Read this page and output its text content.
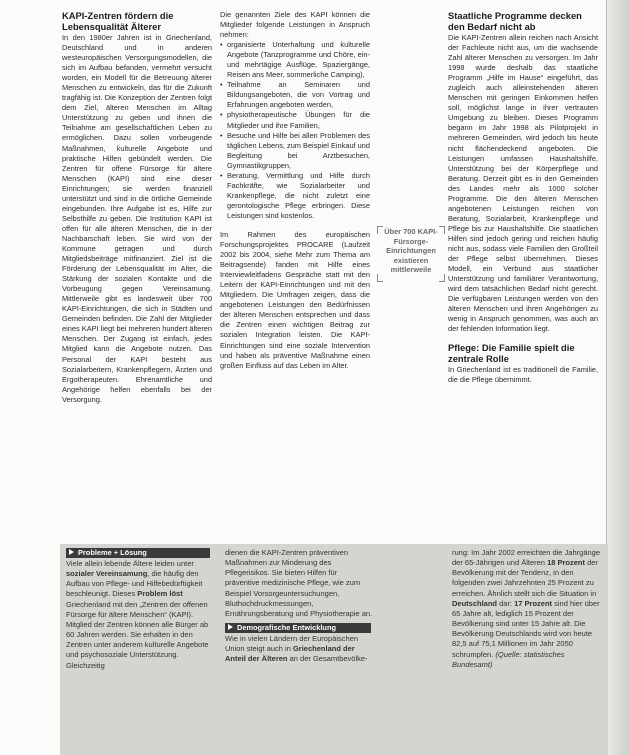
KAPI-Zentren fördern die Lebensqualität Älterer

In den 1980er Jahren ist in Griechenland, Deutschland und in anderen westeuropäischen Versorgungsmodellen, die sich im Aufbau befanden, vermehrt versucht worden, ein Modell für die Betreuung älterer Menschen zu entwickeln, das für die Zukunft tragfähig ist. Die Konzeption der Zentren folgt dem Ziel, älteren Menschen im Alltag Unterstützung zu geben und ihnen die Teilnahme am gesellschaftlichen Leben zu ermöglichen. Dazu sollen vorbeugende Maßnahmen, kulturelle Angebote und praktische Hilfen gebündelt werden. Die Zentren für offene Fürsorge für ältere Menschen (KAPI) sind eine dieser Einrichtungen; sie werden finanziell unterstützt und sind in die örtliche Gemeinde eingebunden. Ihre Aufgabe ist es, Hilfe zur Selbsthilfe zu geben. Die Institution KAPI ist offen für alle älteren Menschen, die in der Nachbarschaft leben. Sie wird von der Kommune getragen und durch Mitgliedsbeiträge mitfinanziert. Ziel ist die Förderung der Lebensqualität im Alter, die Stärkung der sozialen Kontakte und die Vorbeugung gegen Vereinsamung. Mittlerweile gibt es landesweit über 700 KAPI-Einrichtungen, die sich in Städten und Gemeinden befinden. Die Zahl der Mitglieder eines KAPI liegt bei mehreren hundert älteren Menschen. Der Zugang ist einfach, jedes Mitglied kann die Angebote nutzen. Das Personal der KAPI besteht aus Sozialarbeitern, Krankenpflegern, Ärzten und Ergotherapeuten. Ehrenamtliche und Angehörige helfen ebenfalls bei der Versorgung.

Die genannten Ziele des KAPI können die Mitglieder folgende Leistungen in Anspruch nehmen:

• organisierte Unterhaltung und kulturelle Angebote (Tanzprogramme und Chöre, ein- und mehrtägige Ausflüge, Spaziergänge, Reisen ans Meer, sommerliche Camping),
• Teilnahme an Seminaren und Bildungsangeboten, die von Vortrag und Erfahrungen angeboten werden,
• physiotherapeutische Übungen für die Mitglieder und ihre Familien,
• Besuche und Hilfe bei allen Problemen des täglichen Lebens, zum Beispiel Einkauf und Begleitung bei Arztbesuchen, Gymnastikgruppen,
• Beratung, Vermittlung und Hilfe durch Fachkräfte, wie Sozialarbeiter und Krankenpflege, die nicht zuletzt eine gerontologische Pflege erbringen. Diese Leistungen sind kostenlos.

Im Rahmen des europäischen Forschungsprojektes PROCARE (Laufzeit 2002 bis 2004, siehe Mehr zum Thema am Beitragsende) fanden mit Hilfe eines Interviewleitfadens Gespräche statt mit den Leitern der KAPI-Einrichtungen und mit den Mitgliedern. Die Umfragen zeigen, dass die angebotenen Leistungen den Bedürfnissen der älteren Menschen entsprechen und dass die Zentren einen wichtigen Beitrag zur sozialen Integration leisten. Die KAPI-Einrichtungen sind eine soziale Intervention und haben als präventive Maßnahme einen großen Einfluss auf das Leben im Alter.

Über 700 KAPI-Fürsorge-Einrichtungen existieren mittlerweile
Staatliche Programme decken den Bedarf nicht ab

Die KAPI-Zentren allein reichen nach Ansicht der Fachleute nicht aus, um die wachsende Zahl älterer Menschen zu versorgen. Im Jahr 1998 wurde deshalb das staatliche Programm „Hilfe im Hause“ eingeführt, das zugleich auch alleinstehenden älteren Menschen mit geringen Einkommen helfen soll, möglichst lange in ihrer vertrauten Umgebung zu bleiben. Dieses Programm begann im Jahr 1998 als Pilotprojekt in mehreren Gemeinden, wird jedoch bis heute nicht flächendeckend angeboten. Die Leistungen umfassen Haushaltshilfe, Unterstützung bei der Körperpflege und Beratung. Derzeit gibt es in den Gemeinden des Landes mehr als 1000 solcher Programme. Die den älteren Menschen angebotenen Leistungen reichen von Beratung, Sozialarbeit, Krankenpflege und Pflege bis zur Haushaltshilfe. Die staatlichen Hilfen sind jedoch gering und reichen häufig nicht aus, sodass viele Familien den Großteil der Pflege selbst übernehmen. Dieses Modell, ein Verbund aus staatlicher Unterstützung und familiärer Verantwortung, wird dem tatsächlichen Bedarf nicht gerecht. Die verfügbaren Leistungen werden von den älteren Menschen und ihren Angehörigen zu wenig in Anspruch genommen, was auch an der fehlenden Information liegt.

Pflege: Die Familie spielt die zentrale Rolle

In Griechenland ist es traditionell die Familie, die die Pflege übernimmt.

Probleme + Lösung
Viele allein lebende Ältere leiden unter sozialer Vereinsamung, die häufig den Aufbau von Pflege- und Hilfebedürftigkeit beschleunigt. Dieses Problem löst Griechenland mit den „Zentren der offenen Fürsorge für ältere Menschen“ (KAPI). Mitglied der Zentren können alle Bürger ab 60 Jahren werden. Sie erhalten in den Zentren unter anderem kulturelle Angebote und psychosoziale Unterstützung. Gleichzeitig
dienen die KAPI-Zentren präventiven Maßnahmen zur Minderung des Pflegerisikos. Sie bieten Hilfen für präventive medizinische Pflege, wie zum Beispiel Vorsorgeuntersuchungen, Bluthochdruckmessungen, Ernährungsberatung und Physiotherapie an.
Demografische Entwicklung
Wie in vielen Ländern der Europäischen Union steigt auch in Griechenland der Anteil der Älteren an der Gesamtbevölke-
rung: Im Jahr 2002 erreichten die Jahrgänge der 65-Jährigen und Älteren 18 Prozent der Bevölkerung mit der Tendenz, in den folgenden zwei Jahrzehnten 25 Prozent zu erreichen. Ähnlich stellt sich die Situation in Deutschland dar: 17 Prozent sind hier über 65 Jahre alt, lediglich 15 Prozent der Bevölkerung sind unter 15 Jahre alt. Die Bevölkerung Deutschlands wird von heute 82,5 auf 75,1 Millionen im Jahr 2050 schrumpfen. (Quelle: statistisches Bundesamt)
